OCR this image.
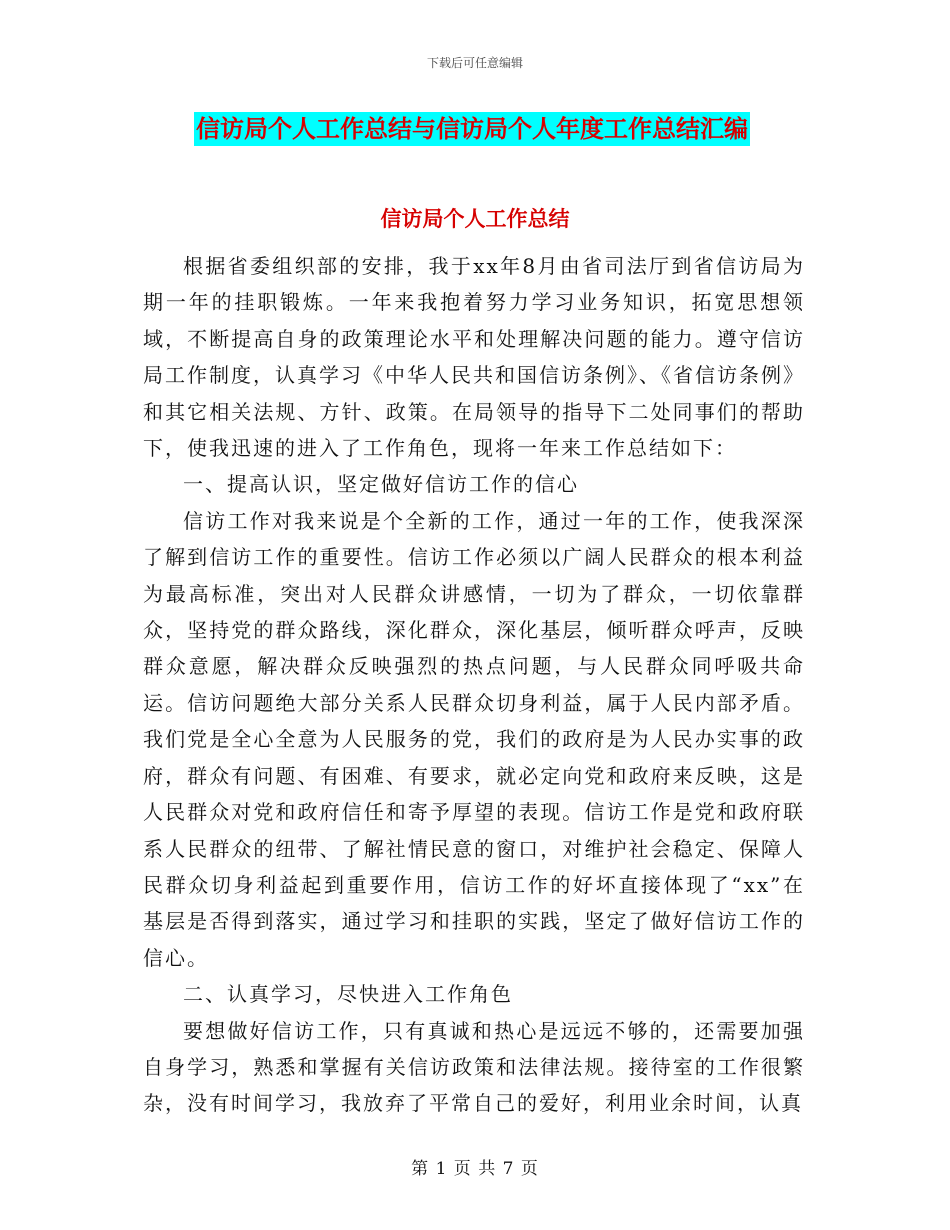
下载后可任意编辑
信访局个人工作总结与信访局个人年度工作总结汇编
信访局个人工作总结

根据省委组织部的安排，我于xx年8月由省司法厅到省信访局为期一年的挂职锻炼。一年来我抱着努力学习业务知识，拓宽思想领域，不断提高自身的政策理论水平和处理解决问题的能力。遵守信访局工作制度，认真学习《中华人民共和国信访条例》、《省信访条例》和其它相关法规、方针、政策。在局领导的指导下二处同事们的帮助下，使我迅速的进入了工作角色，现将一年来工作总结如下：

一、提高认识，坚定做好信访工作的信心

信访工作对我来说是个全新的工作，通过一年的工作，使我深深了解到信访工作的重要性。信访工作必须以广阔人民群众的根本利益为最高标准，突出对人民群众讲感情，一切为了群众，一切依靠群众，坚持党的群众路线，深化群众，深化基层，倾听群众呼声，反映群众意愿，解决群众反映强烈的热点问题，与人民群众同呼吸共命运。信访问题绝大部分关系人民群众切身利益，属于人民内部矛盾。我们党是全心全意为人民服务的党，我们的政府是为人民办实事的政府，群众有问题、有困难、有要求，就必定向党和政府来反映，这是人民群众对党和政府信任和寄予厚望的表现。信访工作是党和政府联系人民群众的纽带、了解社情民意的窗口，对维护社会稳定、保障人民群众切身利益起到重要作用，信访工作的好坏直接体现了“xx”在基层是否得到落实，通过学习和挂职的实践，坚定了做好信访工作的信心。

二、认真学习，尽快进入工作角色

要想做好信访工作，只有真诚和热心是远远不够的，还需要加强自身学习，熟悉和掌握有关信访政策和法律法规。接待室的工作很繁杂，没有时间学习，我放弃了平常自己的爱好，利用业余时间，认真

第 1 页 共 7 页
